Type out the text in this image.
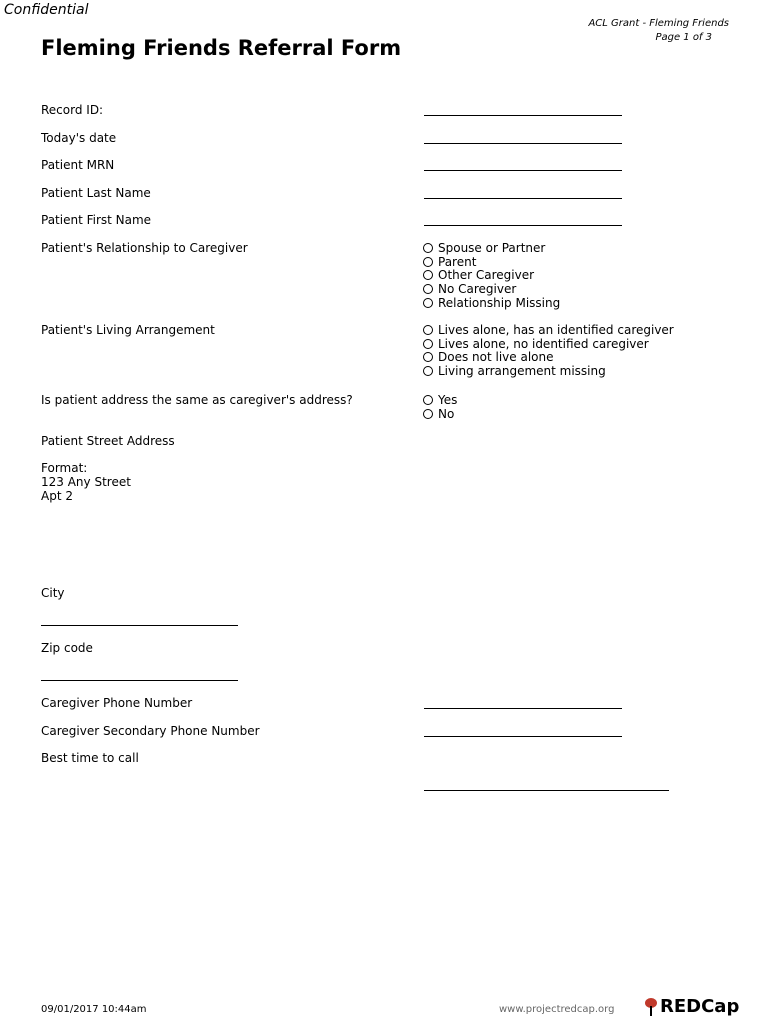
Confidential
ACL Grant - Fleming Friends
Page 1 of 3
Fleming Friends Referral Form
Record ID:
Today's date
Patient MRN
Patient Last Name
Patient First Name
Patient's Relationship to Caregiver	Spouse or Partner
Parent
Other Caregiver
No Caregiver
Relationship Missing
Patient's Living Arrangement	Lives alone, has an identified caregiver
Lives alone, no identified caregiver
Does not live alone
Living arrangement missing
Is patient address the same as caregiver's address?	Yes
No
Patient Street Address
Format:
123 Any Street
Apt 2
City
Zip code
Caregiver Phone Number
Caregiver Secondary Phone Number
Best time to call
09/01/2017 10:44am	www.projectredcap.org	REDCap
